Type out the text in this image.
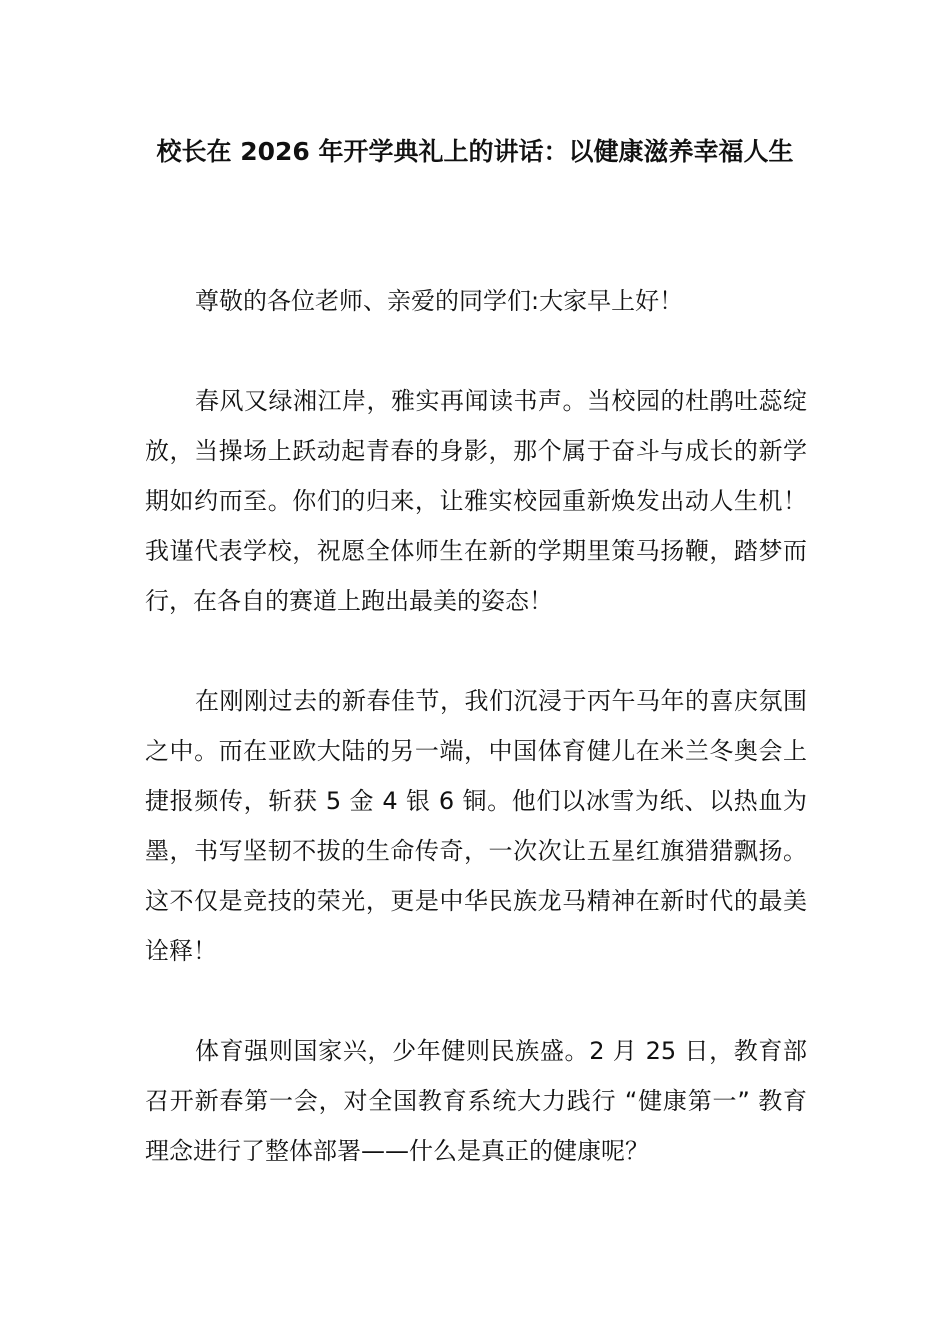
校长在 2026 年开学典礼上的讲话：以健康滋养幸福人生

尊敬的各位老师、亲爱的同学们:大家早上好！

春风又绿湘江岸，雅实再闻读书声。当校园的杜鹃吐蕊绽放，当操场上跃动起青春的身影，那个属于奋斗与成长的新学期如约而至。你们的归来，让雅实校园重新焕发出动人生机！我谨代表学校，祝愿全体师生在新的学期里策马扬鞭，踏梦而行，在各自的赛道上跑出最美的姿态！

在刚刚过去的新春佳节，我们沉浸于丙午马年的喜庆氛围之中。而在亚欧大陆的另一端，中国体育健儿在米兰冬奥会上捷报频传，斩获 5 金 4 银 6 铜。他们以冰雪为纸、以热血为墨，书写坚韧不拔的生命传奇，一次次让五星红旗猎猎飘扬。这不仅是竞技的荣光，更是中华民族龙马精神在新时代的最美诠释！

体育强则国家兴，少年健则民族盛。2 月 25 日，教育部召开新春第一会，对全国教育系统大力践行 “健康第一” 教育理念进行了整体部署——什么是真正的健康呢？
